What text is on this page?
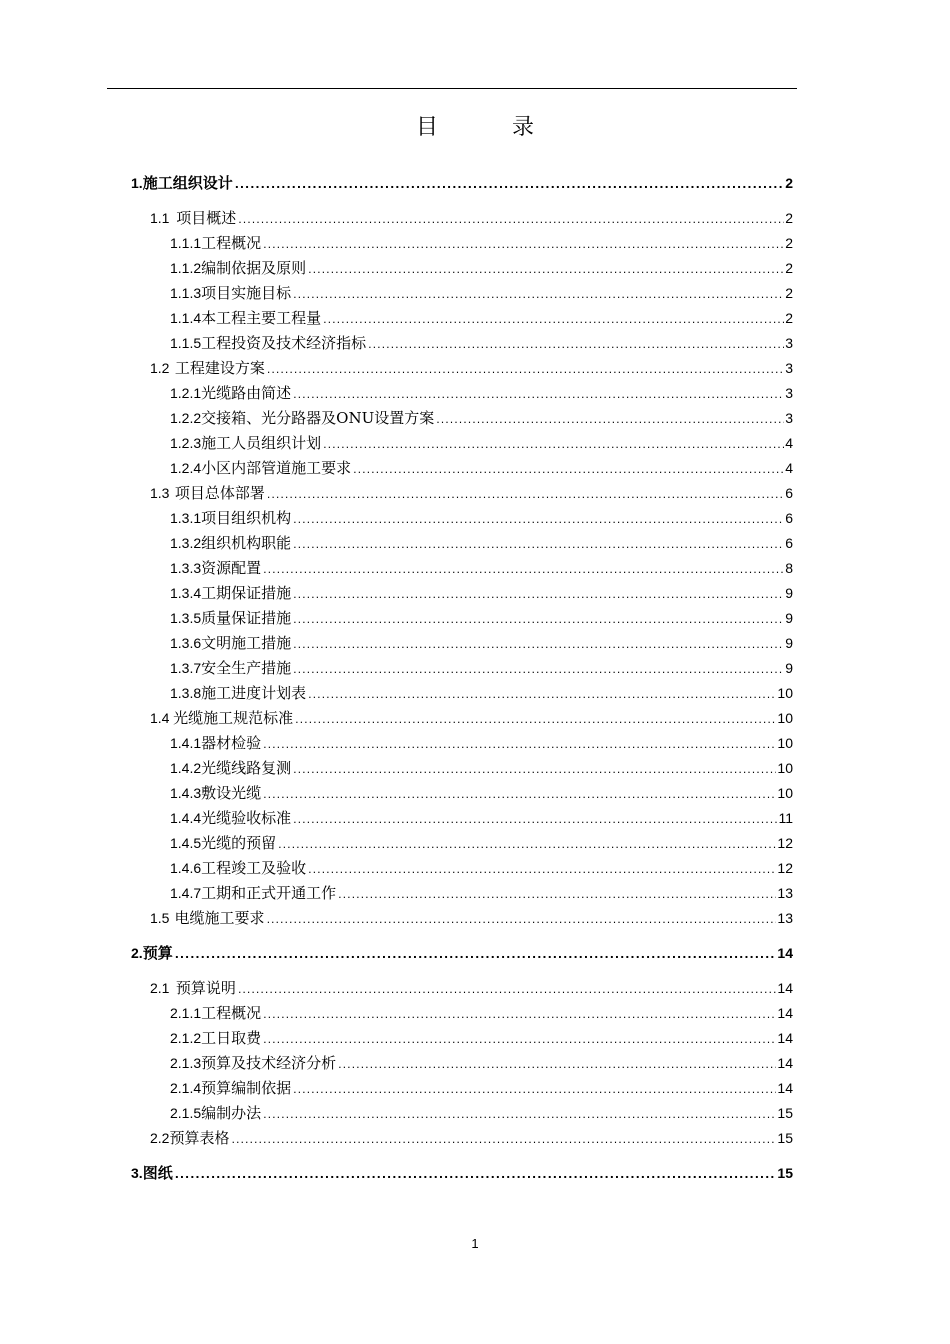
目　录
1. 施工组织设计 .....	2
1.1 项目概述 .....	2
1.1.1 工程概况 .....	2
1.1.2 编制依据及原则 .....	2
1.1.3 项目实施目标 .....	2
1.1.4 本工程主要工程量 .....	2
1.1.5 工程投资及技术经济指标 .....	3
1.2 工程建设方案 .....	3
1.2.1 光缆路由简述 .....	3
1.2.2 交接箱、光分路器及ONU设置方案 .....	3
1.2.3 施工人员组织计划 .....	4
1.2.4 小区内部管道施工要求 .....	4
1.3 项目总体部署 .....	6
1.3.1 项目组织机构 .....	6
1.3.2 组织机构职能 .....	6
1.3.3 资源配置 .....	8
1.3.4 工期保证措施 .....	9
1.3.5 质量保证措施 .....	9
1.3.6 文明施工措施 .....	9
1.3.7 安全生产措施 .....	9
1.3.8 施工进度计划表 .....	10
1.4 光缆施工规范标准 .....	10
1.4.1 器材检验 .....	10
1.4.2 光缆线路复测 .....	10
1.4.3 敷设光缆 .....	10
1.4.4 光缆验收标准 .....	11
1.4.5 光缆的预留 .....	12
1.4.6 工程竣工及验收 .....	12
1.4.7 工期和正式开通工作 .....	13
1.5 电缆施工要求 .....	13
2. 预算 .....	14
2.1 预算说明 .....	14
2.1.1 工程概况 .....	14
2.1.2 工日取费 .....	14
2.1.3 预算及技术经济分析 .....	14
2.1.4 预算编制依据 .....	14
2.1.5 编制办法 .....	15
2.2 预算表格 .....	15
3. 图纸 .....	15
1
